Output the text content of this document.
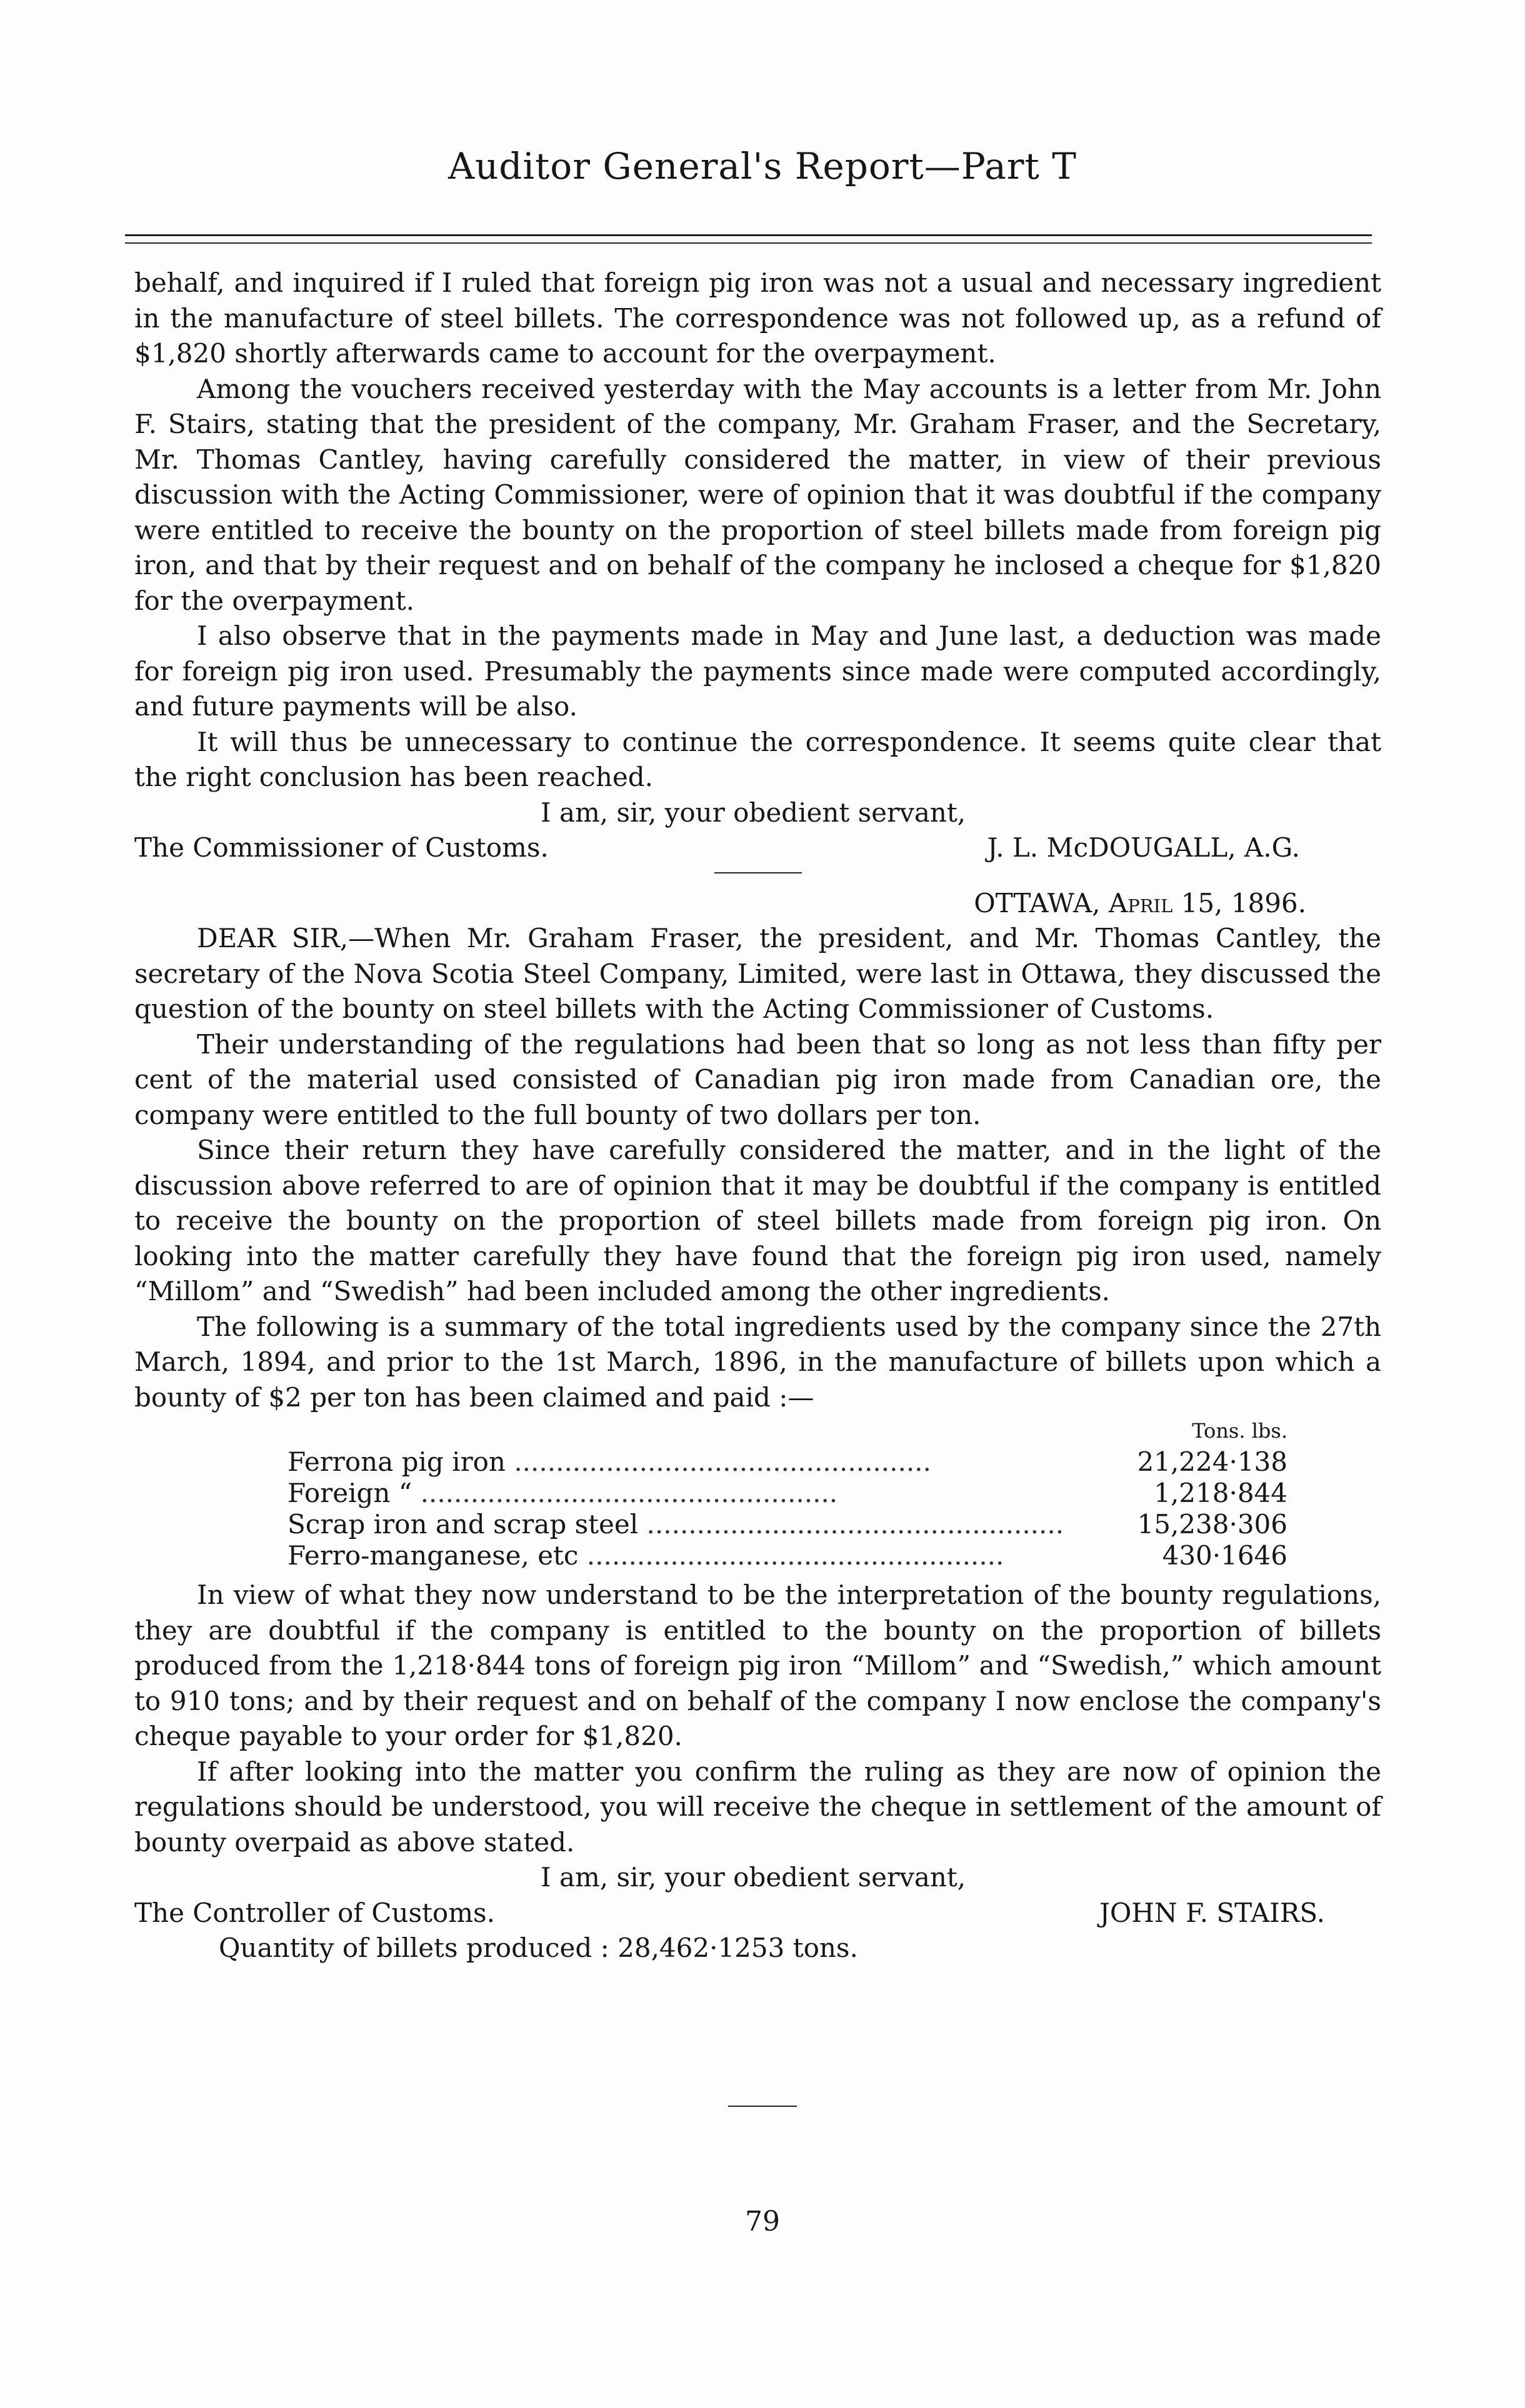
Auditor General's Report—Part T

behalf, and inquired if I ruled that foreign pig iron was not a usual and necessary ingredient in the manufacture of steel billets. The correspondence was not followed up, as a refund of $1,820 shortly afterwards came to account for the overpayment.

Among the vouchers received yesterday with the May accounts is a letter from Mr. John F. Stairs, stating that the president of the company, Mr. Graham Fraser, and the Secretary, Mr. Thomas Cantley, having carefully considered the matter, in view of their previous discussion with the Acting Commissioner, were of opinion that it was doubtful if the company were entitled to receive the bounty on the proportion of steel billets made from foreign pig iron, and that by their request and on behalf of the company he inclosed a cheque for $1,820 for the overpayment.

I also observe that in the payments made in May and June last, a deduction was made for foreign pig iron used. Presumably the payments since made were computed accordingly, and future payments will be also.

It will thus be unnecessary to continue the correspondence. It seems quite clear that the right conclusion has been reached.

I am, sir, your obedient servant,

The Commissioner of Customs.	J. L. McDOUGALL, A.G.

OTTAWA, April 15, 1896.

DEAR SIR,—When Mr. Graham Fraser, the president, and Mr. Thomas Cantley, the secretary of the Nova Scotia Steel Company, Limited, were last in Ottawa, they discussed the question of the bounty on steel billets with the Acting Commissioner of Customs.

Their understanding of the regulations had been that so long as not less than fifty per cent of the material used consisted of Canadian pig iron made from Canadian ore, the company were entitled to the full bounty of two dollars per ton.

Since their return they have carefully considered the matter, and in the light of the discussion above referred to are of opinion that it may be doubtful if the company is entitled to receive the bounty on the proportion of steel billets made from foreign pig iron. On looking into the matter carefully they have found that the foreign pig iron used, namely “Millom” and “Swedish” had been included among the other ingredients.

The following is a summary of the total ingredients used by the company since the 27th March, 1894, and prior to the 1st March, 1896, in the manufacture of billets upon which a bounty of $2 per ton has been claimed and paid :—

	Tons. lbs.
Ferrona pig iron ..................................................	21,224·138
Foreign “ ..................................................	1,218·844
Scrap iron and scrap steel ..................................................	15,238·306
Ferro-manganese, etc ..................................................	430·1646

In view of what they now understand to be the interpretation of the bounty regulations, they are doubtful if the company is entitled to the bounty on the proportion of billets produced from the 1,218·844 tons of foreign pig iron “Millom” and “Swedish,” which amount to 910 tons; and by their request and on behalf of the company I now enclose the company's cheque payable to your order for $1,820.

If after looking into the matter you confirm the ruling as they are now of opinion the regulations should be understood, you will receive the cheque in settlement of the amount of bounty overpaid as above stated.

I am, sir, your obedient servant,

The Controller of Customs.	JOHN F. STAIRS.

Quantity of billets produced : 28,462·1253 tons.

79
